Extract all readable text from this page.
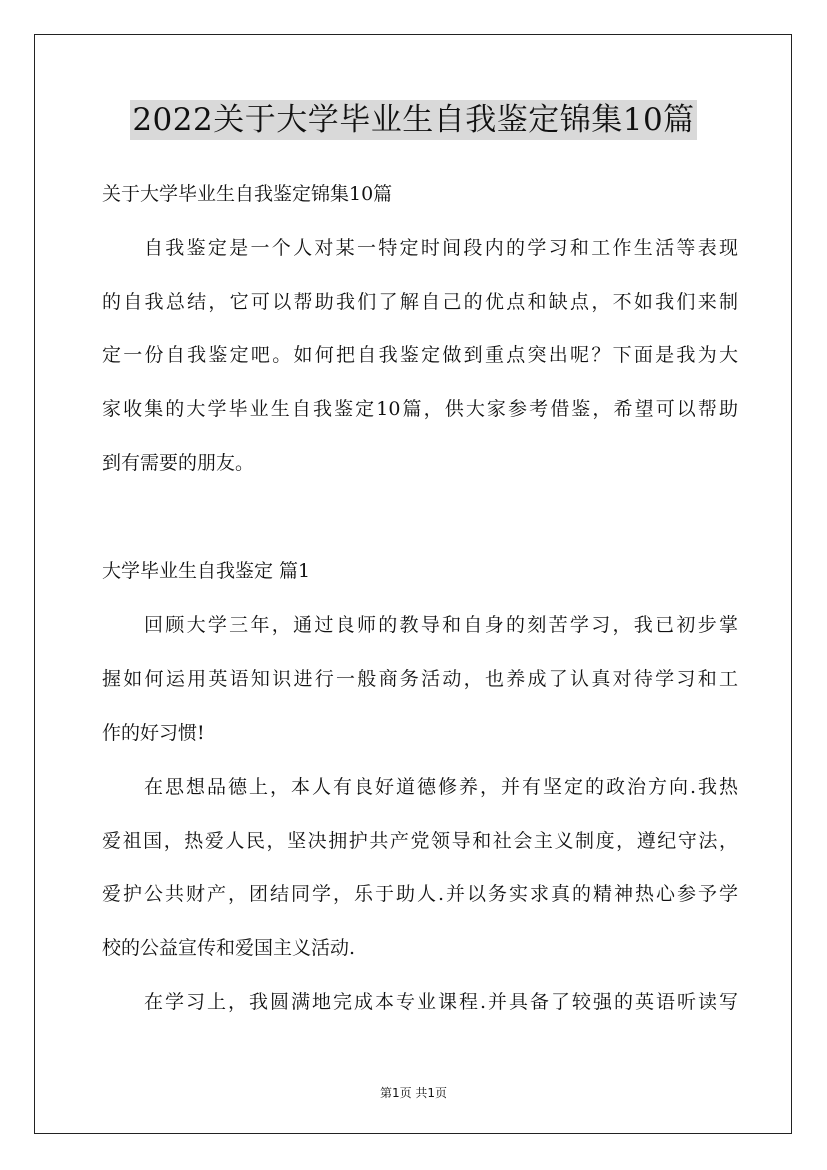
2022关于大学毕业生自我鉴定锦集10篇
关于大学毕业生自我鉴定锦集10篇
自我鉴定是一个人对某一特定时间段内的学习和工作生活等表现
的自我总结，它可以帮助我们了解自己的优点和缺点，不如我们来制
定一份自我鉴定吧。如何把自我鉴定做到重点突出呢？下面是我为大
家收集的大学毕业生自我鉴定10篇，供大家参考借鉴，希望可以帮助
到有需要的朋友。
大学毕业生自我鉴定 篇1
回顾大学三年，通过良师的教导和自身的刻苦学习，我已初步掌
握如何运用英语知识进行一般商务活动，也养成了认真对待学习和工
作的好习惯!
在思想品德上，本人有良好道德修养，并有坚定的政治方向.我热
爱祖国，热爱人民，坚决拥护共产党领导和社会主义制度，遵纪守法，
爱护公共财产，团结同学，乐于助人.并以务实求真的精神热心参予学
校的公益宣传和爱国主义活动.
在学习上，我圆满地完成本专业课程.并具备了较强的英语听读写
第1页 共1页
